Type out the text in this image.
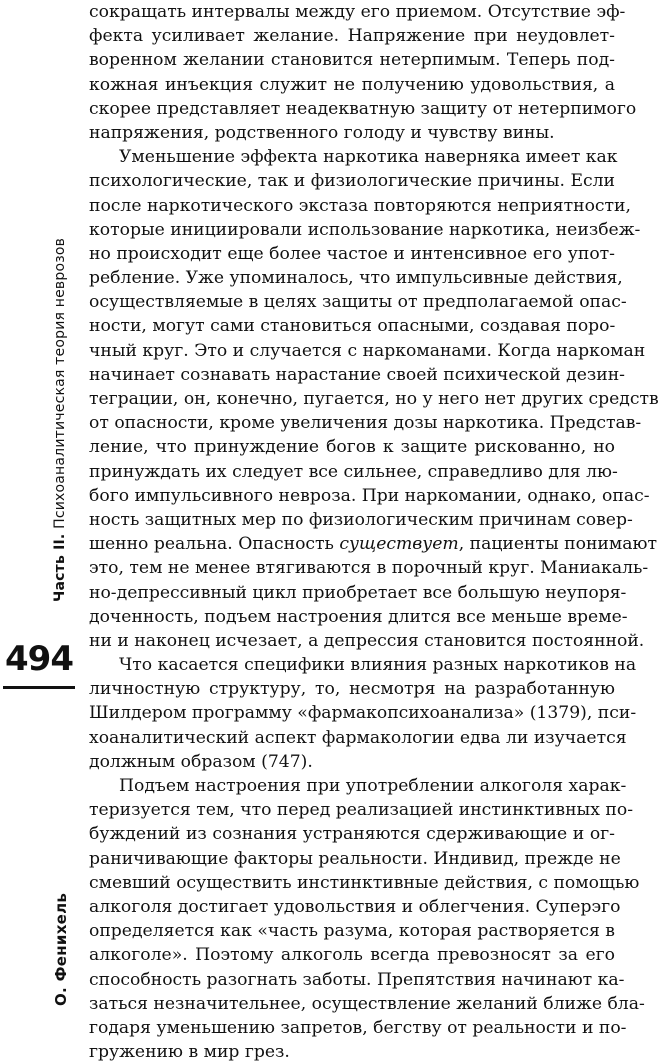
Часть II. Психоаналитическая теория неврозов
494
О. Фенихель

сокращать интервалы между его приемом. Отсутствие эф-
фекта усиливает желание. Напряжение при неудовлет-
воренном желании становится нетерпимым. Теперь под-
кожная инъекция служит не получению удовольствия, а
скорее представляет неадекватную защиту от нетерпимого
напряжения, родственного голоду и чувству вины.

Уменьшение эффекта наркотика наверняка имеет как
психологические, так и физиологические причины. Если
после наркотического экстаза повторяются неприятности,
которые инициировали использование наркотика, неизбеж-
но происходит еще более частое и интенсивное его упот-
ребление. Уже упоминалось, что импульсивные действия,
осуществляемые в целях защиты от предполагаемой опас-
ности, могут сами становиться опасными, создавая поро-
чный круг. Это и случается с наркоманами. Когда наркоман
начинает сознавать нарастание своей психической дезин-
теграции, он, конечно, пугается, но у него нет других средств
от опасности, кроме увеличения дозы наркотика. Представ-
ление, что принуждение богов к защите рискованно, но
принуждать их следует все сильнее, справедливо для лю-
бого импульсивного невроза. При наркомании, однако, опас-
ность защитных мер по физиологическим причинам совер-
шенно реальна. Опасность существует, пациенты понимают
это, тем не менее втягиваются в порочный круг. Маниакаль-
но-депрессивный цикл приобретает все большую неупоря-
доченность, подъем настроения длится все меньше време-
ни и наконец исчезает, а депрессия становится постоянной.

Что касается специфики влияния разных наркотиков на
личностную структуру, то, несмотря на разработанную
Шилдером программу «фармакопсихоанализа» (1379), пси-
хоаналитический аспект фармакологии едва ли изучается
должным образом (747).

Подъем настроения при употреблении алкоголя харак-
теризуется тем, что перед реализацией инстинктивных по-
буждений из сознания устраняются сдерживающие и ог-
раничивающие факторы реальности. Индивид, прежде не
смевший осуществить инстинктивные действия, с помощью
алкоголя достигает удовольствия и облегчения. Суперэго
определяется как «часть разума, которая растворяется в
алкоголе». Поэтому алкоголь всегда превозносят за его
способность разогнать заботы. Препятствия начинают ка-
заться незначительнее, осуществление желаний ближе бла-
годаря уменьшению запретов, бегству от реальности и по-
гружению в мир грез.
